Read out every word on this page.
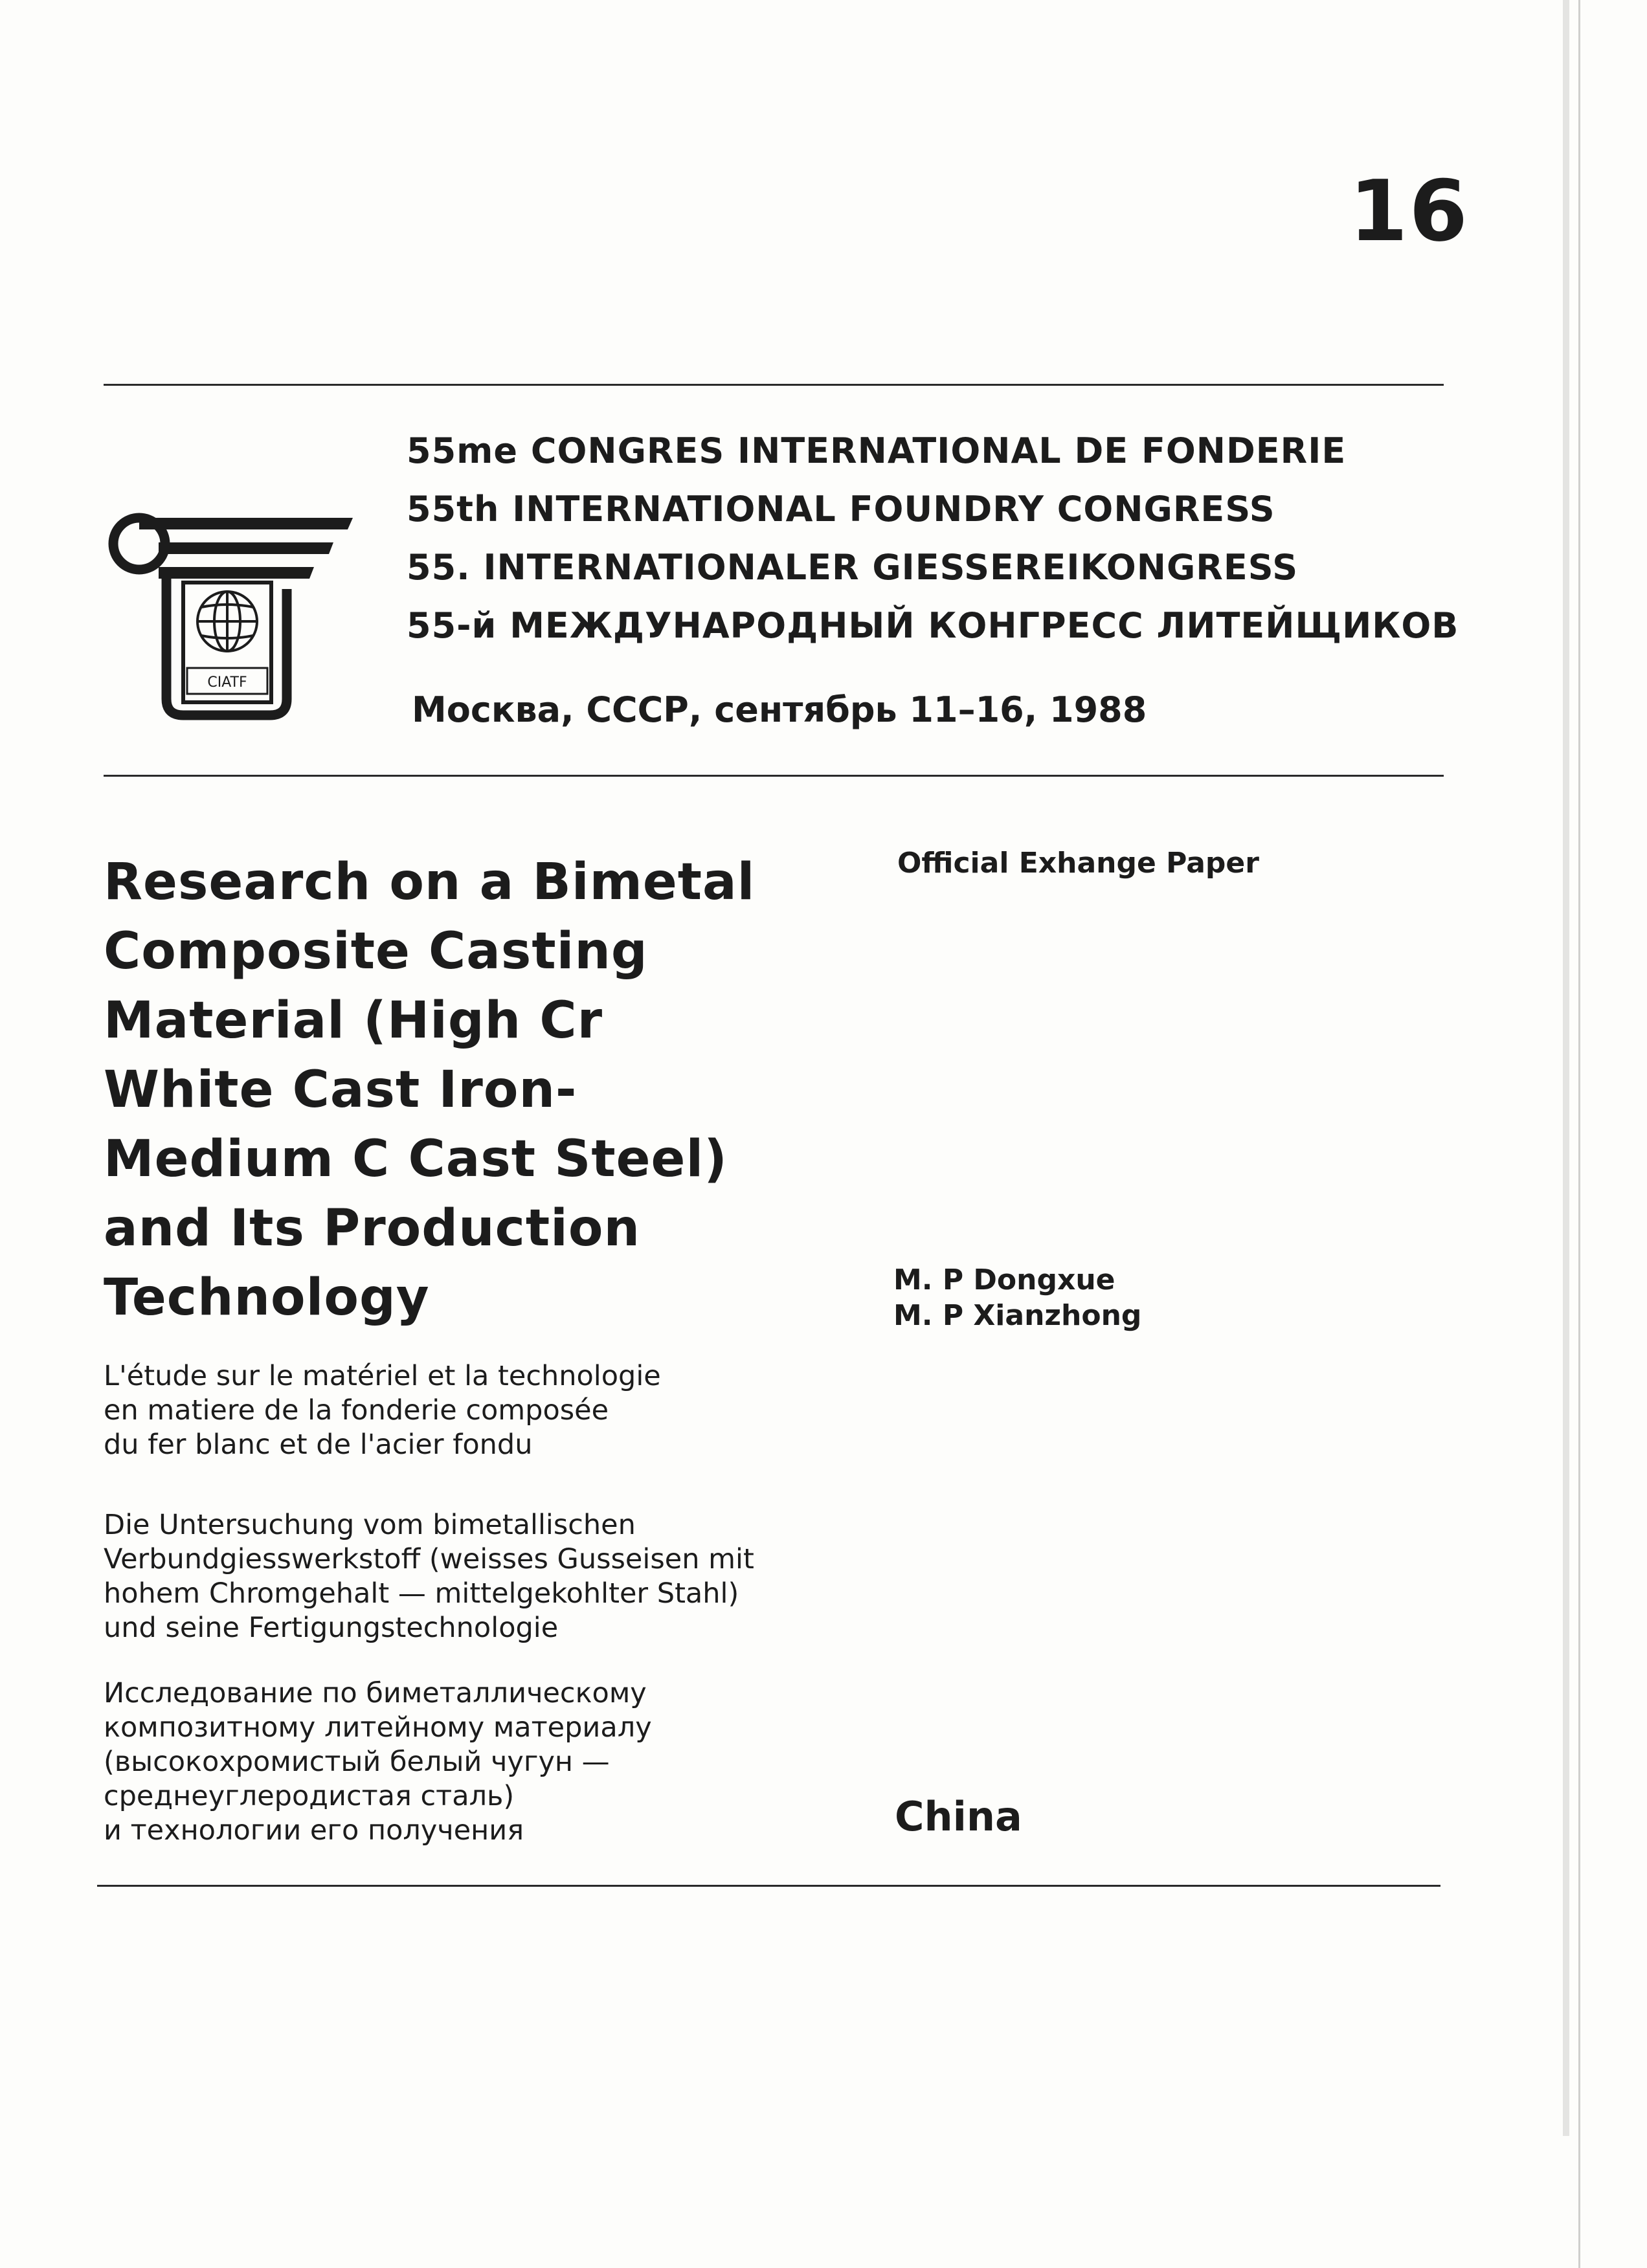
16
CIATF
55me CONGRES INTERNATIONAL DE FONDERIE
55th INTERNATIONAL FOUNDRY CONGRESS
55. INTERNATIONALER GIESSEREIKONGRESS
55-й МЕЖДУНАРОДНЫЙ КОНГРЕСС ЛИТЕЙЩИКОВ
Москва, СССР, сентябрь 11–16, 1988
Research on a Bimetal
Composite Casting
Material (High Cr
White Cast Iron-
Medium C Cast Steel)
and Its Production
Technology
L'étude sur le matériel et la technologie
en matiere de la fonderie composée
du fer blanc et de l'acier fondu
Die Untersuchung vom bimetallischen
Verbundgiesswerkstoff (weisses Gusseisen mit
hohem Chromgehalt — mittelgekohlter Stahl)
und seine Fertigungstechnologie
Исследование по биметаллическому
композитному литейному материалу
(высокохромистый белый чугун —
среднеуглеродистая сталь)
и технологии его получения
Official Exhange Paper
M. P Dongxue
M. P Xianzhong
China
